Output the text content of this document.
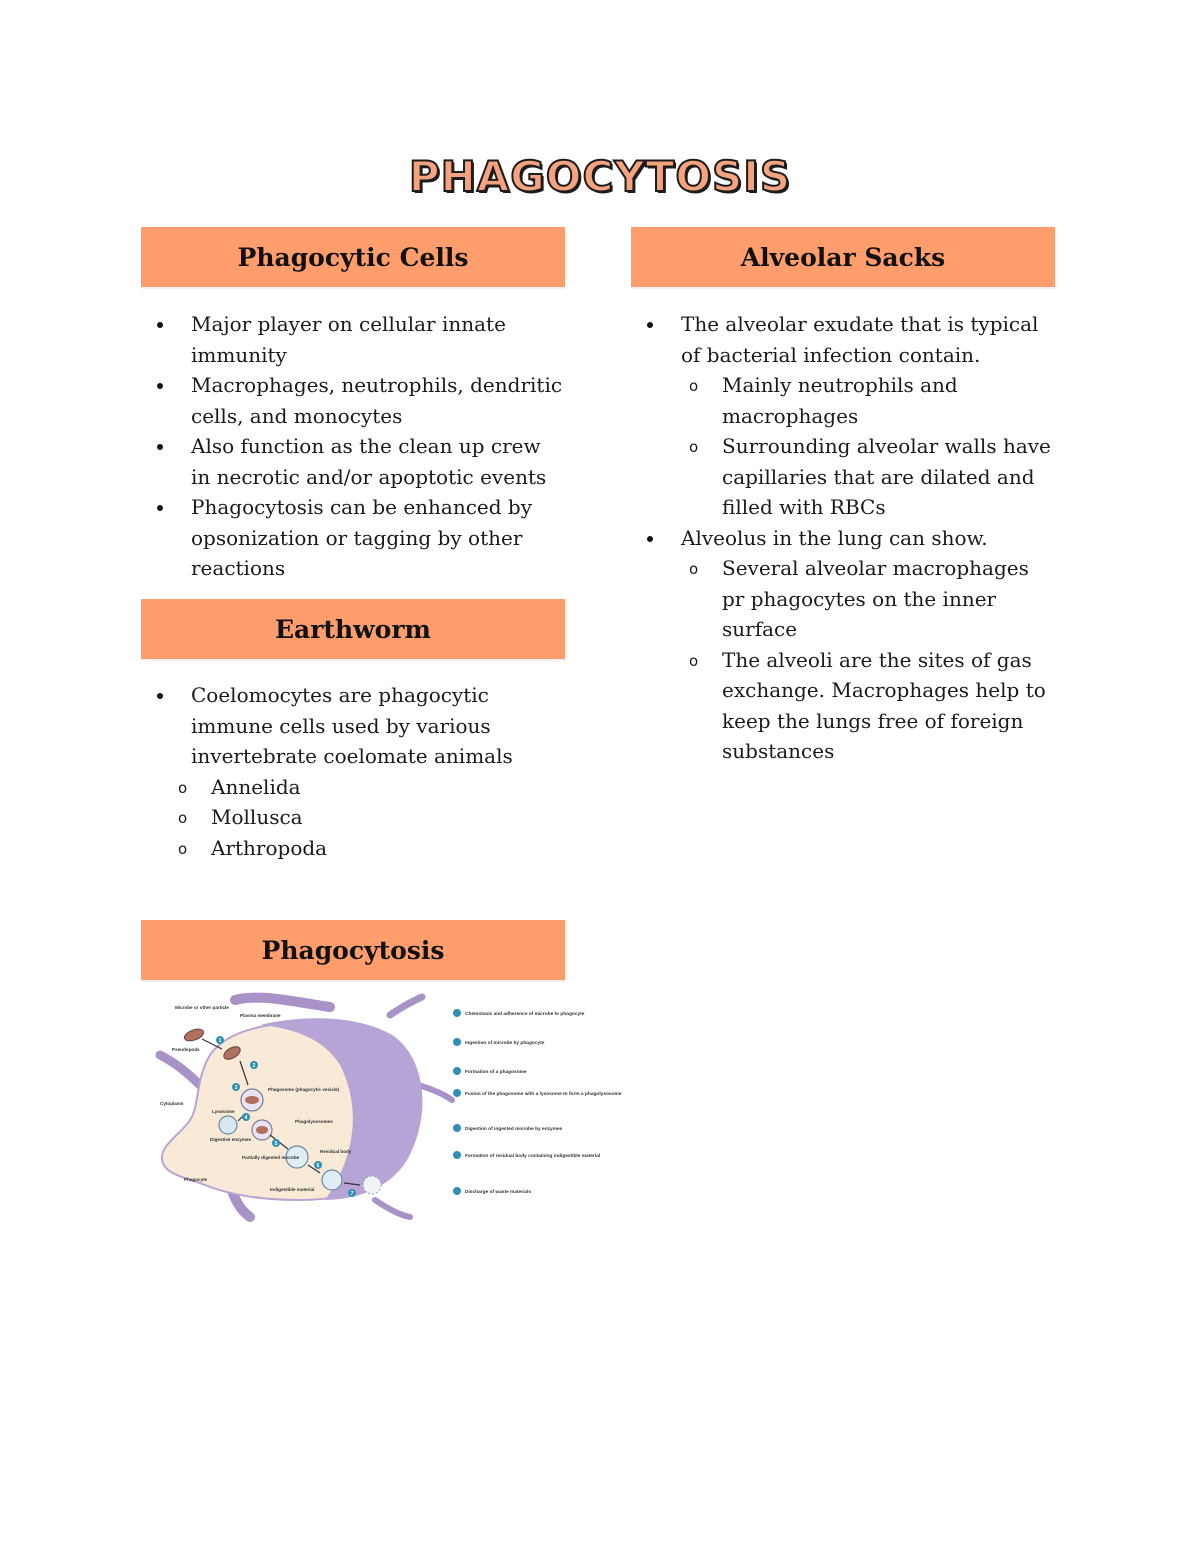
PHAGOCYTOSIS
Phagocytic Cells
Major player on cellular innate immunity
Macrophages, neutrophils, dendritic cells, and monocytes
Also function as the clean up crew in necrotic and/or apoptotic events
Phagocytosis can be enhanced by opsonization or tagging by other reactions
Earthworm
Coelomocytes are phagocytic immune cells used by various invertebrate coelomate animals
o Annelida
o Mollusca
o Arthropoda
Phagocytosis
1
2
3
4
5
6
7
Microbe or other particle
Plasma membrane
Pseudopods
Cytoplasm
Lysosome
Digestive enzymes
Phagosome (phagocytic vesicle)
Phagolysosomes
Partially digested microbe
Residual body
Indigestible material
Phagocyte
Chemotaxis and adherence of microbe to phagocyte
Ingestion of microbe by phagocyte
Formation of a phagosome
Fusion of the phagosome with a lysosome to form a phagolysosome
Digestion of ingested microbe by enzymes
Formation of residual body containing indigestible material
Discharge of waste materials
Alveolar Sacks
The alveolar exudate that is typical of bacterial infection contain.
o Mainly neutrophils and macrophages
o Surrounding alveolar walls have capillaries that are dilated and filled with RBCs
Alveolus in the lung can show.
o Several alveolar macrophages pr phagocytes on the inner surface
o The alveoli are the sites of gas exchange. Macrophages help to keep the lungs free of foreign substances
